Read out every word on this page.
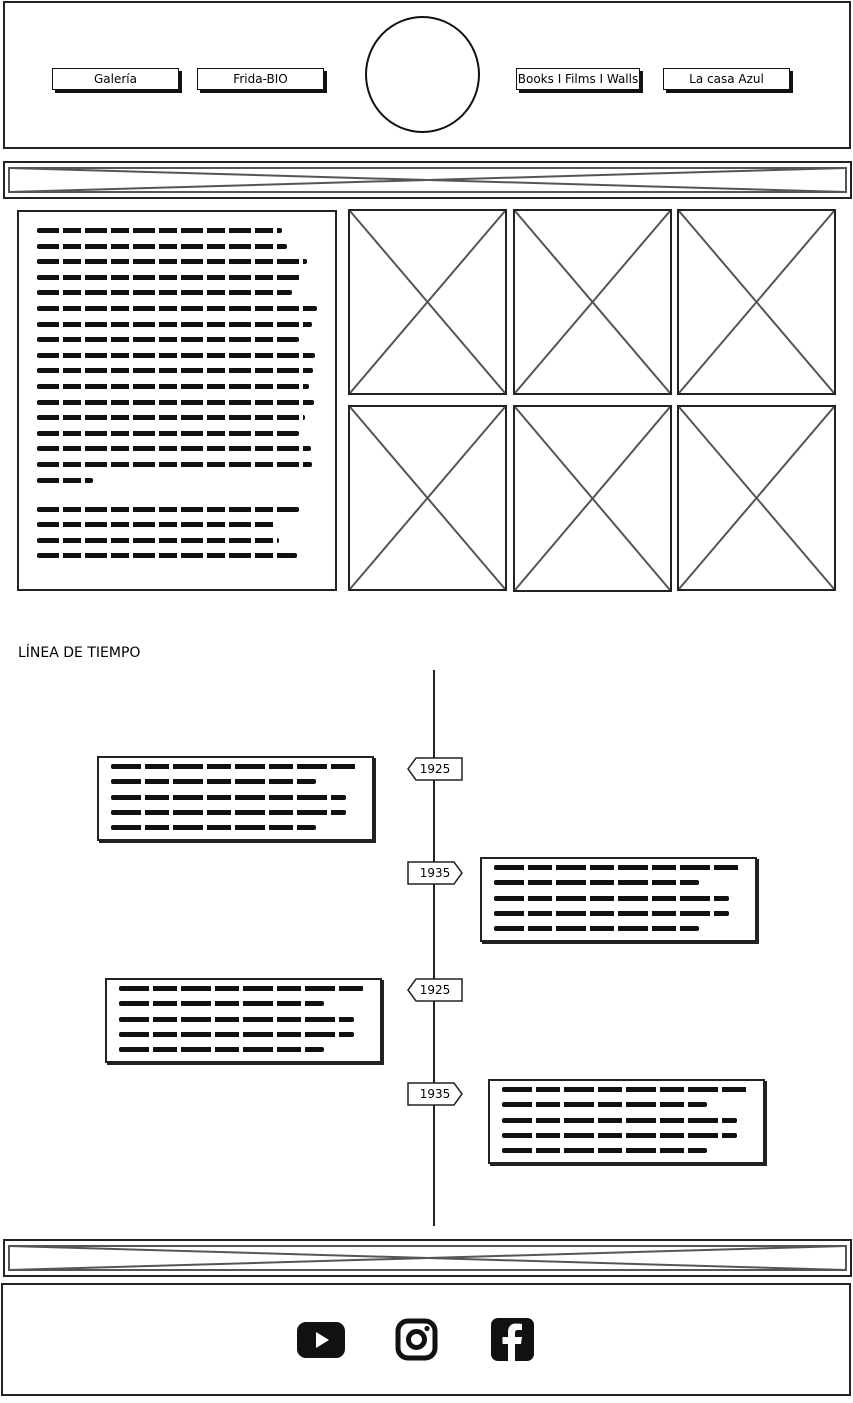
Galería	Frida-BIO	Books I Films I Walls	La casa Azul
LÍNEA DE TIEMPO
1925
1935
1925
1935
